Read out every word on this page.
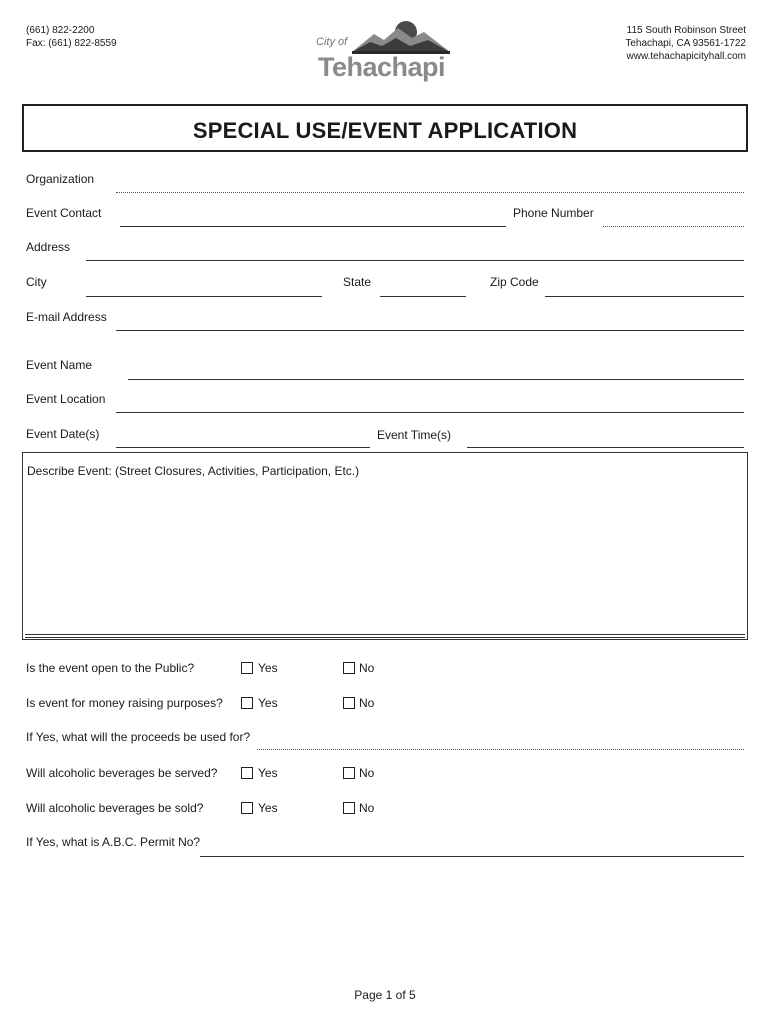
(661) 822-2200
Fax: (661) 822-8559	City of
Tehachapi
115 South Robinson Street
Tehachapi, CA 93561-1722
www.tehachapicityhall.com
SPECIAL USE/EVENT APPLICATION
Organization
Event Contact	Phone Number
Address
City	State	Zip Code
E-mail Address
Event Name
Event Location
Event Date(s)	Event Time(s)
Describe Event: (Street Closures, Activities, Participation, Etc.)
Is the event open to the Public?	Yes	No
Is event for money raising purposes?	Yes	No
If Yes, what will the proceeds be used for?
Will alcoholic beverages be served?	Yes	No
Will alcoholic beverages be sold?	Yes	No
If Yes, what is A.B.C. Permit No?
Page 1 of 5
